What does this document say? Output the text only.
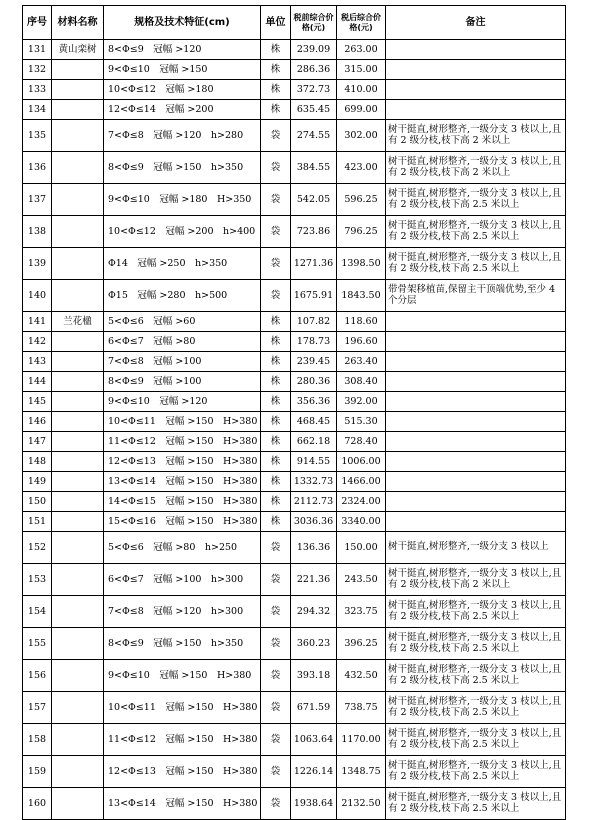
序号	材料名称	规格及技术特征(cm)	单位	税前综合价格(元)	税后综合价格(元)	备注
131	黄山栾树	8<Φ≤9　冠幅 >120	株	239.09	263.00	
132		9<Φ≤10　冠幅 >150	株	286.36	315.00	
133		10<Φ≤12　冠幅 >180	株	372.73	410.00	
134		12<Φ≤14　冠幅 >200	株	635.45	699.00	
135		7<Φ≤8　冠幅 >120　h>280	袋	274.55	302.00	树干挺直,树形整齐,一级分支 3 枝以上,且有 2 级分枝,枝下高 2 米以上
136		8<Φ≤9　冠幅 >150　h>350	袋	384.55	423.00	树干挺直,树形整齐,一级分支 3 枝以上,且有 2 级分枝,枝下高 2 米以上
137		9<Φ≤10　冠幅 >180　H>350	袋	542.05	596.25	树干挺直,树形整齐,一级分支 3 枝以上,且有 2 级分枝,枝下高 2.5 米以上
138		10<Φ≤12　冠幅 >200　h>400	袋	723.86	796.25	树干挺直,树形整齐,一级分支 3 枝以上,且有 2 级分枝,枝下高 2.5 米以上
139		Φ14　冠幅 >250　h>350	袋	1271.36	1398.50	树干挺直,树形整齐,一级分支 3 枝以上,且有 2 级分枝,枝下高 2.5 米以上
140		Φ15　冠幅 >280　h>500	袋	1675.91	1843.50	带骨架移植苗,保留主干顶端优势,至少 4 个分层
141	兰花楹	5<Φ≤6　冠幅 >60	株	107.82	118.60	
142		6<Φ≤7　冠幅 >80	株	178.73	196.60	
143		7<Φ≤8　冠幅 >100	株	239.45	263.40	
144		8<Φ≤9　冠幅 >100	株	280.36	308.40	
145		9<Φ≤10　冠幅 >120	株	356.36	392.00	
146		10<Φ≤11　冠幅 >150　H>380	株	468.45	515.30	
147		11<Φ≤12　冠幅 >150　H>380	株	662.18	728.40	
148		12<Φ≤13　冠幅 >150　H>380	株	914.55	1006.00	
149		13<Φ≤14　冠幅 >150　H>380	株	1332.73	1466.00	
150		14<Φ≤15　冠幅 >150　H>380	株	2112.73	2324.00	
151		15<Φ≤16　冠幅 >150　H>380	株	3036.36	3340.00	
152		5<Φ≤6　冠幅 >80　h>250	袋	136.36	150.00	树干挺直,树形整齐,一级分支 3 枝以上
153		6<Φ≤7　冠幅 >100　h>300	袋	221.36	243.50	树干挺直,树形整齐,一级分支 3 枝以上,且有 2 级分枝,枝下高 2 米以上
154		7<Φ≤8　冠幅 >120　h>300	袋	294.32	323.75	树干挺直,树形整齐,一级分支 3 枝以上,且有 2 级分枝,枝下高 2.5 米以上
155		8<Φ≤9　冠幅 >150　h>350	袋	360.23	396.25	树干挺直,树形整齐,一级分支 3 枝以上,且有 2 级分枝,枝下高 2.5 米以上
156		9<Φ≤10　冠幅 >150　H>380	袋	393.18	432.50	树干挺直,树形整齐,一级分支 3 枝以上,且有 2 级分枝,枝下高 2.5 米以上
157		10<Φ≤11　冠幅 >150　H>380	袋	671.59	738.75	树干挺直,树形整齐,一级分支 3 枝以上,且有 2 级分枝,枝下高 2.5 米以上
158		11<Φ≤12　冠幅 >150　H>380	袋	1063.64	1170.00	树干挺直,树形整齐,一级分支 3 枝以上,且有 2 级分枝,枝下高 2.5 米以上
159		12<Φ≤13　冠幅 >150　H>380	袋	1226.14	1348.75	树干挺直,树形整齐,一级分支 3 枝以上,且有 2 级分枝,枝下高 2.5 米以上
160		13<Φ≤14　冠幅 >150　H>380	袋	1938.64	2132.50	树干挺直,树形整齐,一级分支 3 枝以上,且有 2 级分枝,枝下高 2.5 米以上
